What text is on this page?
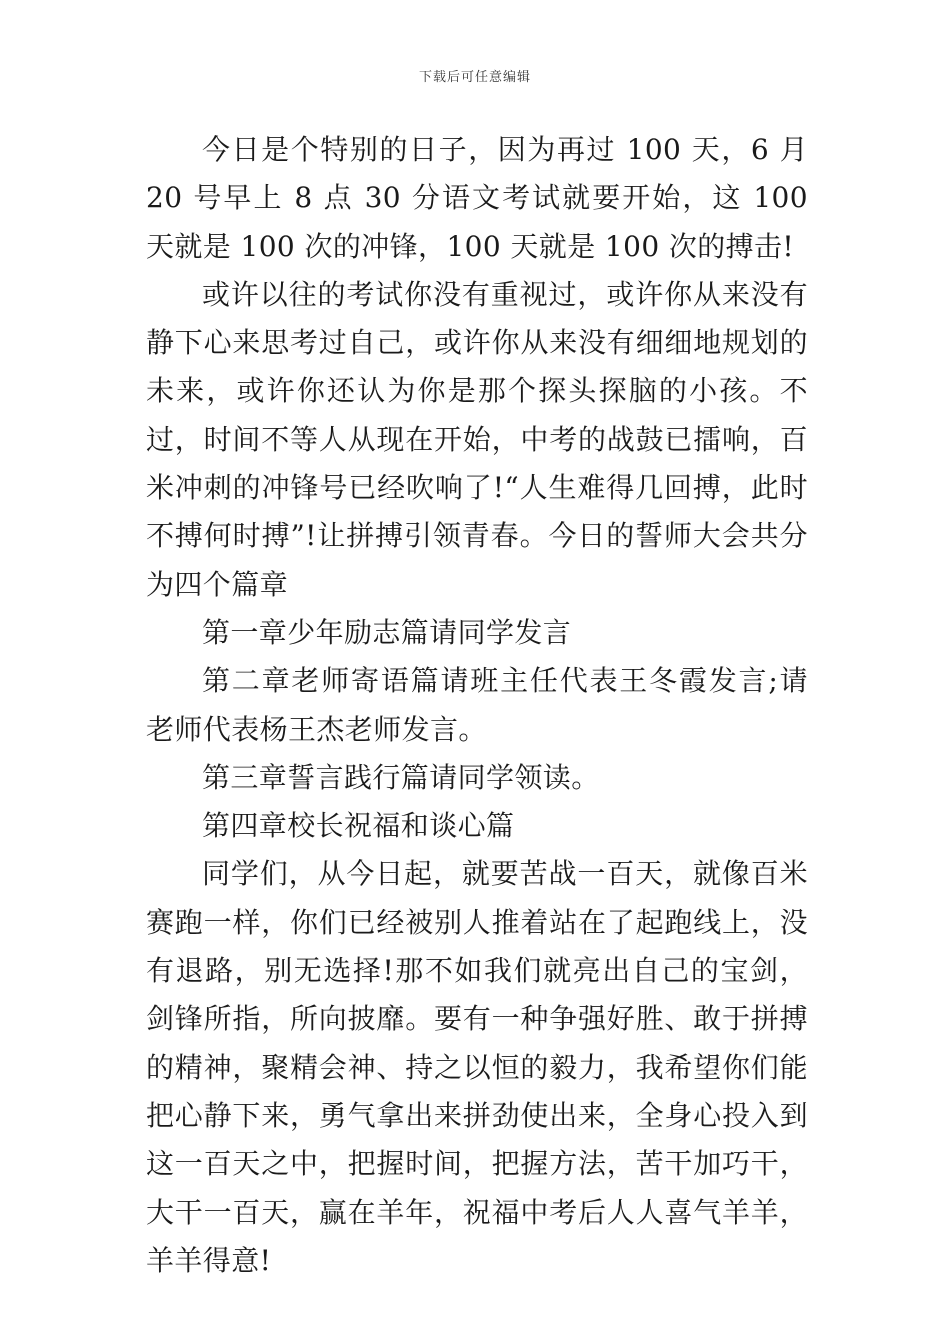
下载后可任意编辑

今日是个特别的日子，因为再过 100 天，6 月 20 号早上 8 点 30 分语文考试就要开始，这 100 天就是 100 次的冲锋，100 天就是 100 次的搏击!

或许以往的考试你没有重视过，或许你从来没有静下心来思考过自己，或许你从来没有细细地规划的未来，或许你还认为你是那个探头探脑的小孩。不过，时间不等人从现在开始，中考的战鼓已擂响，百米冲刺的冲锋号已经吹响了!“人生难得几回搏，此时不搏何时搏”!让拼搏引领青春。今日的誓师大会共分为四个篇章

第一章少年励志篇请同学发言

第二章老师寄语篇请班主任代表王冬霞发言;请老师代表杨王杰老师发言。

第三章誓言践行篇请同学领读。

第四章校长祝福和谈心篇

同学们，从今日起，就要苦战一百天，就像百米赛跑一样，你们已经被别人推着站在了起跑线上，没有退路，别无选择!那不如我们就亮出自己的宝剑，剑锋所指，所向披靡。要有一种争强好胜、敢于拼搏的精神，聚精会神、持之以恒的毅力，我希望你们能把心静下来，勇气拿出来拼劲使出来，全身心投入到这一百天之中，把握时间，把握方法，苦干加巧干，大干一百天，赢在羊年，祝福中考后人人喜气羊羊，羊羊得意!
